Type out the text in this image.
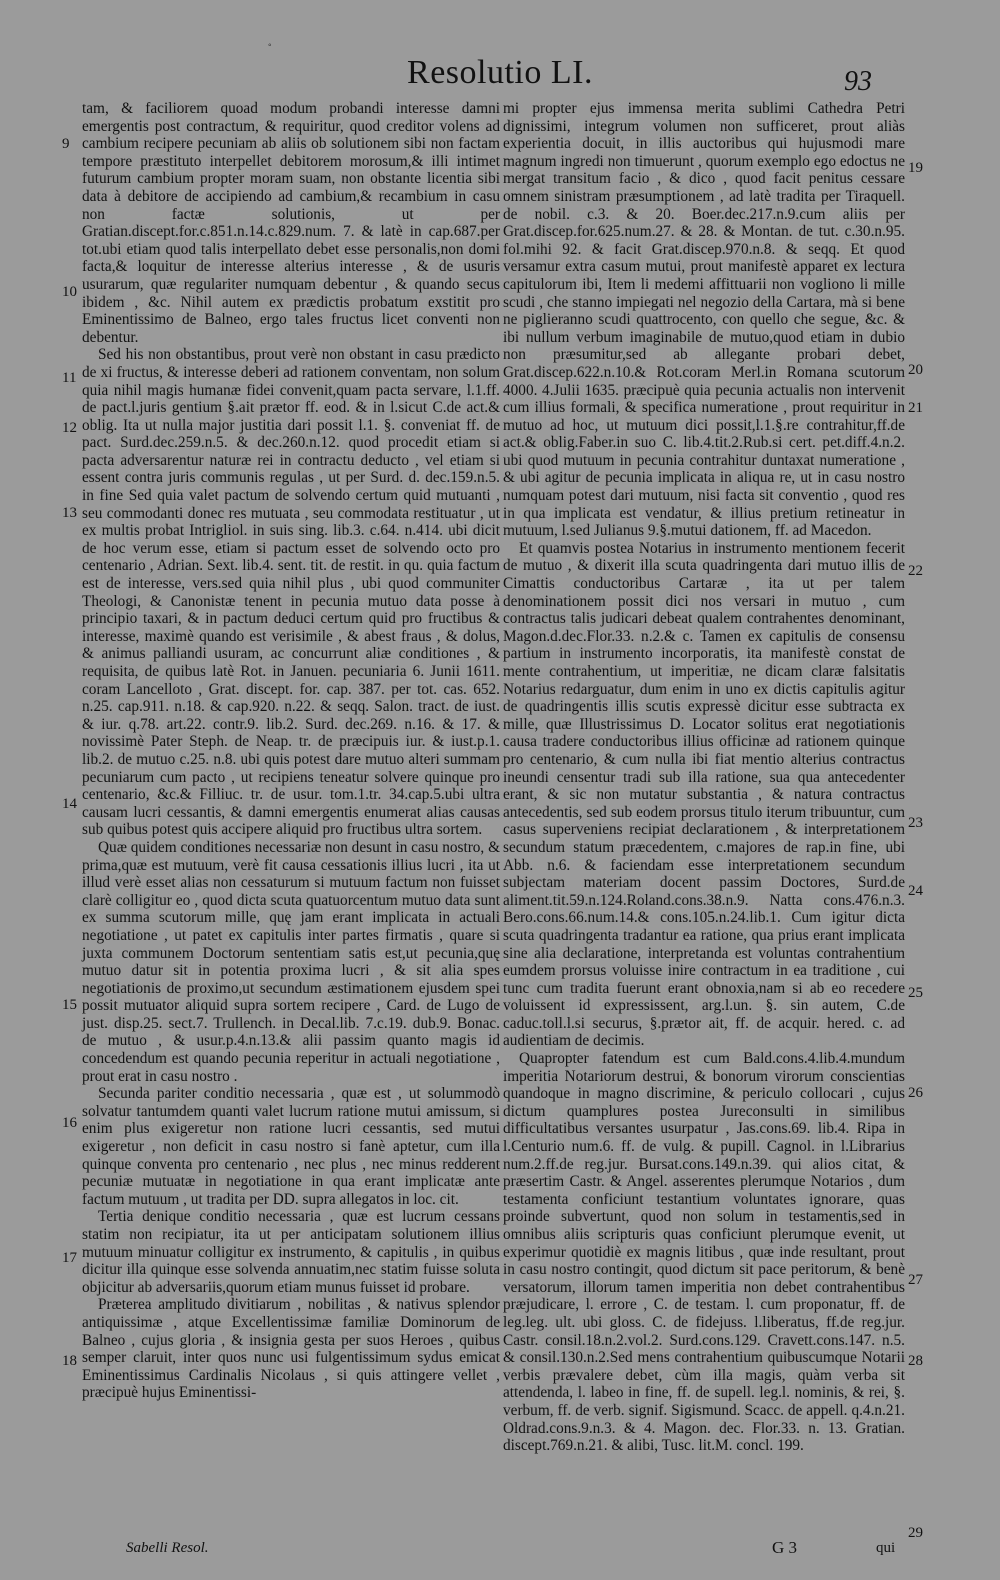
◦
Resolutio LI.	93

tam, & faciliorem quoad modum probandi interesse damni emergentis post contractum, & requiritur, quod creditor volens ad cambium recipere pecuniam ab aliis ob solutionem sibi non factam tempore præstituto interpellet debitorem morosum,& illi intimet futurum cambium propter moram suam, non obstante licentia sibi data à debitore de accipiendo ad cambium,& recambium in casu non factæ solutionis, ut per Gratian.discept.for.c.851.n.14.c.829.num. 7. & latè in cap.687.per tot.ubi etiam quod talis interpellato debet esse personalis,non domi facta,& loquitur de interesse alterius interesse , & de usuris usurarum, quæ regulariter numquam debentur , & quando secus ibidem , &c. Nihil autem ex prædictis probatum exstitit pro Eminentissimo de Balneo, ergo tales fructus licet conventi non debentur.

Sed his non obstantibus, prout verè non obstant in casu prædicto de xi fructus, & interesse deberi ad rationem conventam, non solum quia nihil magis humanæ fidei convenit,quam pacta servare, l.1.ff. de pact.l.juris gentium §.ait prætor ff. eod. & in l.sicut C.de act.& oblig. Ita ut nulla major justitia dari possit l.1. §. conveniat ff. de pact. Surd.dec.259.n.5. & dec.260.n.12. quod procedit etiam si pacta adversarentur naturæ rei in contractu deducto , vel etiam si essent contra juris communis regulas , ut per Surd. d. dec.159.n.5. in fine Sed quia valet pactum de solvendo certum quid mutuanti , seu commodanti donec res mutuata , seu commodata restituatur , ut ex multis probat Intrigliol. in suis sing. lib.3. c.64. n.414. ubi dicit de hoc verum esse, etiam si pactum esset de solvendo octo pro centenario , Adrian. Sext. lib.4. sent. tit. de restit. in qu. quia factum est de interesse, vers.sed quia nihil plus , ubi quod communiter Theologi, & Canonistæ tenent in pecunia mutuo data posse à principio taxari, & in pactum deduci certum quid pro fructibus & interesse, maximè quando est verisimile , & abest fraus , & dolus, & animus palliandi usuram, ac concurrunt aliæ conditiones , & requisita, de quibus latè Rot. in Januen. pecuniaria 6. Junii 1611. coram Lancelloto , Grat. discept. for. cap. 387. per tot. cas. 652. n.25. cap.911. n.18. & cap.920. n.22. & seqq. Salon. tract. de iust. & iur. q.78. art.22. contr.9. lib.2. Surd. dec.269. n.16. & 17. & novissimè Pater Steph. de Neap. tr. de præcipuis iur. & iust.p.1. lib.2. de mutuo c.25. n.8. ubi quis potest dare mutuo alteri summam pecuniarum cum pacto , ut recipiens teneatur solvere quinque pro centenario, &c.& Filliuc. tr. de usur. tom.1.tr. 34.cap.5.ubi ultra causam lucri cessantis, & damni emergentis enumerat alias causas sub quibus potest quis accipere aliquid pro fructibus ultra sortem.

Quæ quidem conditiones necessariæ non desunt in casu nostro, & prima,quæ est mutuum, verè fit causa cessationis illius lucri , ita ut illud verè esset alias non cessaturum si mutuum factum non fuisset clarè colligitur eo , quod dicta scuta quatuorcentum mutuo data sunt ex summa scutorum mille, quę jam erant implicata in actuali negotiatione , ut patet ex capitulis inter partes firmatis , quare si juxta communem Doctorum sententiam satis est,ut pecunia,quę mutuo datur sit in potentia proxima lucri , & sit alia spes negotiationis de proximo,ut secundum æstimationem ejusdem spei possit mutuator aliquid supra sortem recipere , Card. de Lugo de just. disp.25. sect.7. Trullench. in Decal.lib. 7.c.19. dub.9. Bonac. de mutuo , & usur.p.4.n.13.& alii passim quanto magis id concedendum est quando pecunia reperitur in actuali negotiatione , prout erat in casu nostro .

Secunda pariter conditio necessaria , quæ est , ut solummodò solvatur tantumdem quanti valet lucrum ratione mutui amissum, si enim plus exigeretur non ratione lucri cessantis, sed mutui exigeretur , non deficit in casu nostro si fanè aptetur, cum illa quinque conventa pro centenario , nec plus , nec minus redderent pecuniæ mutuatæ in negotiatione in qua erant implicatæ ante factum mutuum , ut tradita per DD. supra allegatos in loc. cit.

Tertia denique conditio necessaria , quæ est lucrum cessans statim non recipiatur, ita ut per anticipatam solutionem illius mutuum minuatur colligitur ex instrumento, & capitulis , in quibus dicitur illa quinque esse solvenda annuatim,nec statim fuisse soluta objicitur ab adversariis,quorum etiam munus fuisset id probare.

Præterea amplitudo divitiarum , nobilitas , & nativus splendor antiquissimæ , atque Excellentissimæ familiæ Dominorum de Balneo , cujus gloria , & insignia gesta per suos Heroes , quibus semper claruit, inter quos nunc usi fulgentissimum sydus emicat Eminentissimus Cardinalis Nicolaus , si quis attingere vellet , præcipuè hujus Eminentissi-

mi propter ejus immensa merita sublimi Cathedra Petri dignissimi, integrum volumen non sufficeret, prout aliàs experientia docuit, in illis auctoribus qui hujusmodi mare magnum ingredi non timuerunt , quorum exemplo ego edoctus ne mergat transitum facio , & dico , quod facit penitus cessare omnem sinistram præsumptionem , ad latè tradita per Tiraquell. de nobil. c.3. & 20. Boer.dec.217.n.9.cum aliis per Grat.discep.for.625.num.27. & 28. & Montan. de tut. c.30.n.95. fol.mihi 92. & facit Grat.discep.970.n.8. & seqq. Et quod versamur extra casum mutui, prout manifestè apparet ex lectura capitulorum ibi, Item li medemi affittuarii non vogliono li mille scudi , che stanno impiegati nel negozio della Cartara, mà si bene ne piglieranno scudi quattrocento, con quello che segue, &c. & ibi nullum verbum imaginabile de mutuo,quod etiam in dubio non præsumitur,sed ab allegante probari debet, Grat.discep.622.n.10.& Rot.coram Merl.in Romana scutorum 4000. 4.Julii 1635. præcipuè quia pecunia actualis non intervenit cum illius formali, & specifica numeratione , prout requiritur in mutuo ad hoc, ut mutuum dici possit,l.1.§.re contrahitur,ff.de act.& oblig.Faber.in suo C. lib.4.tit.2.Rub.si cert. pet.diff.4.n.2. ubi quod mutuum in pecunia contrahitur duntaxat numeratione , & ubi agitur de pecunia implicata in aliqua re, ut in casu nostro numquam potest dari mutuum, nisi facta sit conventio , quod res in qua implicata est vendatur, & illius pretium retineatur in mutuum, l.sed Julianus 9.§.mutui dationem, ff. ad Macedon.

Et quamvis postea Notarius in instrumento mentionem fecerit de mutuo , & dixerit illa scuta quadringenta dari mutuo illis de Cimattis conductoribus Cartaræ , ita ut per talem denominationem possit dici nos versari in mutuo , cum contractus talis judicari debeat qualem contrahentes denominant, Magon.d.dec.Flor.33. n.2.& c. Tamen ex capitulis de consensu partium in instrumento incorporatis, ita manifestè constat de mente contrahentium, ut imperitiæ, ne dicam claræ falsitatis Notarius redarguatur, dum enim in uno ex dictis capitulis agitur de quadringentis illis scutis expressè dicitur esse subtracta ex mille, quæ Illustrissimus D. Locator solitus erat negotiationis causa tradere conductoribus illius officinæ ad rationem quinque pro centenario, & cum nulla ibi fiat mentio alterius contractus ineundi censentur tradi sub illa ratione, sua qua antecedenter erant, & sic non mutatur substantia , & natura contractus antecedentis, sed sub eodem prorsus titulo iterum tribuuntur, cum casus superveniens recipiat declarationem , & interpretationem secundum statum præcedentem, c.majores de rap.in fine, ubi Abb. n.6. & faciendam esse interpretationem secundum subjectam materiam docent passim Doctores, Surd.de aliment.tit.59.n.124.Roland.cons.38.n.9. Natta cons.476.n.3. Bero.cons.66.num.14.& cons.105.n.24.lib.1. Cum igitur dicta scuta quadringenta tradantur ea ratione, qua prius erant implicata sine alia declaratione, interpretanda est voluntas contrahentium eumdem prorsus voluisse inire contractum in ea traditione , cui tunc cum tradita fuerunt erant obnoxia,nam si ab eo recedere voluissent id expressissent, arg.l.un. §. sin autem, C.de caduc.toll.l.si securus, §.prætor ait, ff. de acquir. hered. c. ad audientiam de decimis.

Quapropter fatendum est cum Bald.cons.4.lib.4.mundum imperitia Notariorum destrui, & bonorum virorum conscientias quandoque in magno discrimine, & periculo collocari , cujus dictum quamplures postea Jureconsulti in similibus difficultatibus versantes usurpatur , Jas.cons.69. lib.4. Ripa in l.Centurio num.6. ff. de vulg. & pupill. Cagnol. in l.Librarius num.2.ff.de reg.jur. Bursat.cons.149.n.39. qui alios citat, & præsertim Castr. & Angel. asserentes plerumque Notarios , dum testamenta conficiunt testantium voluntates ignorare, quas proinde subvertunt, quod non solum in testamentis,sed in omnibus aliis scripturis quas conficiunt plerumque evenit, ut experimur quotidiè ex magnis litibus , quæ inde resultant, prout in casu nostro contingit, quod dictum sit pace peritorum, & benè versatorum, illorum tamen imperitia non debet contrahentibus præjudicare, l. errore , C. de testam. l. cum proponatur, ff. de leg.leg. ult. ubi gloss. C. de fidejuss. l.liberatus, ff.de reg.jur. Castr. consil.18.n.2.vol.2. Surd.cons.129. Cravett.cons.147. n.5. & consil.130.n.2.Sed mens contrahentium quibuscumque Notarii verbis prævalere debet, cùm illa magis, quàm verba sit attendenda, l. labeo in fine, ff. de supell. leg.l. nominis, & rei, §. verbum, ff. de verb. signif. Sigismund. Scacc. de appell. q.4.n.21. Oldrad.cons.9.n.3. & 4. Magon. dec. Flor.33. n. 13. Gratian. discept.769.n.21. & alibi, Tusc. lit.M. concl. 199.

9
10
11
12
13
14
15
16
17
18
19
20
21
22
23
24
25
26
27
28
29
Sabelli Resol.	G 3	qui
